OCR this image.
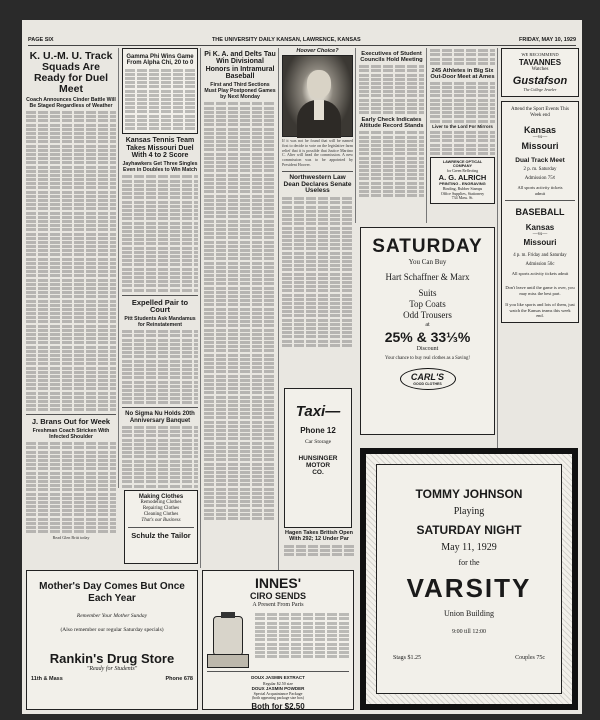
PAGE SIX	THE UNIVERSITY DAILY KANSAN, LAWRENCE, KANSAS	FRIDAY, MAY 10, 1929
K. U.-M. U. Track Squads Are Ready for Duel Meet
Coach Announces Cinder Battle Will Be Staged Regardless of Weather
J. Brans Out for Week
Freshman Coach Stricken With Infected Shoulder
Read Glen Britt today
Gamma Phi Wins Game From Alpha Chi, 20 to 0
Kansas Tennis Team Takes Missouri Duel With 4 to 2 Score
Jayhawkers Get Three Singles Even in Doubles to Win Match
Expelled Pair to Court
Pitt Students Ask Mandamus for Reinstatement
No Sigma Nu Holds 20th Anniversary Banquet
Making Clothes
Remodeling Clothes
Repairing Clothes
Cleaning Clothes
That's our Business
Schulz the Tailor
Mother's Day Comes But Once Each Year
Remember Your Mother Sunday
(Also remember our regular Saturday specials)
Rankin's Drug Store
"Ready for Students"
11th & Mass	Phone 678
Pi K. A. and Delts Tau Win Divisional Honors in Intramural Baseball
First and Third Sections Must Play Postponed Games by Next Monday
Hoover Choice?
If it was not he found that will be named first to decide to vote on the legislative farm relief that it is possible that Justice Martino C. Alter will head the commission. A new commission was to be appointed by President Hoover.
Northwestern Law Dean Declares Senate Useless
Taxi—
Phone 12
Car Storage
HUNSINGER
MOTOR
CO.
Executives of Student Councils Hold Meeting
Early Check Indicates Altitude Record Stands
245 Athletes in Big Six Out-Door Meet at Ames
Liver to the Lord For Mirrors
LAWRENCE OPTICAL COMPANY
for Green Reflecting
A. G. ALRICH
PRINTING - ENGRAVING
Binding, Rubber Stamps
Office Supplies, Stationery
734 Mass. St.
Hagen Takes British Open With 292; 12 Under Par
SATURDAY
You Can Buy
Hart Schaffner & Marx
Suits
Top Coats
Odd Trousers
at
25% & 33⅓%
Discount
Your chance to buy real clothes as a Saving!
CARL'S
GOOD CLOTHES
INNES'
CIRO SENDS
A Present From Paris
DOUX JASMIN EXTRACT
Regular $2.50 size
DOUX JASMIN POWDER
Special Acquaintance Package
(both appearing package size box)
Both for $2.50
TOMMY JOHNSON
Playing
SATURDAY NIGHT
May 11, 1929
for the
VARSITY
Union Building
9:00 till 12:00
Stags $1.25	Couples 75c
WE RECOMMEND
TAVANNES
Watches
Gustafson
The College Jeweler
Attend the Sport Events This Week end
Kansas
—vs—
Missouri
Dual Track Meet
2 p. m. Saturday
Admission 75¢
All sports activity tickets
admit
BASEBALL
Kansas
—vs—
Missouri
4 p. m. Friday and Saturday
Admission 50c
All sports activity tickets admit
Don't leave until the game is over, you may miss the best part.
If you like sports and lots of them, just watch the Kansas teams this week end.
